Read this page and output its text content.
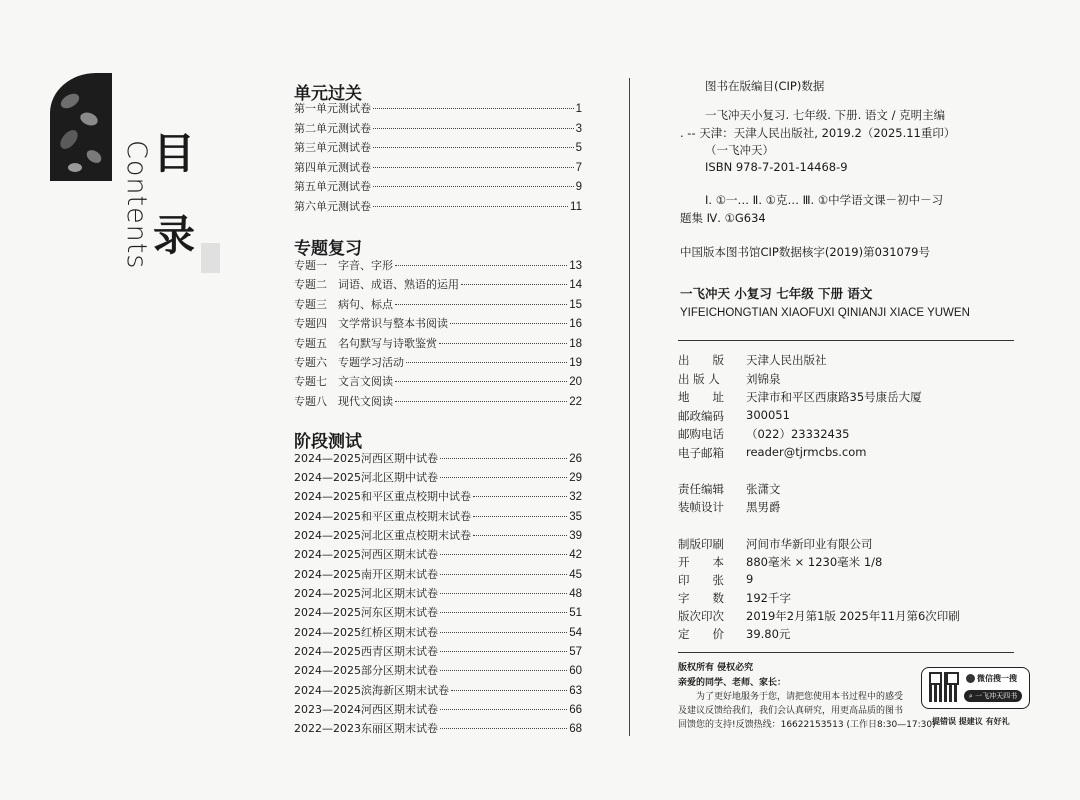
Contents 目
录
单元过关
第一单元测试卷	1
第二单元测试卷	3
第三单元测试卷	5
第四单元测试卷	7
第五单元测试卷	9
第六单元测试卷	11
专题复习
专题一　字音、字形	13
专题二　词语、成语、熟语的运用	14
专题三　病句、标点	15
专题四　文学常识与整本书阅读	16
专题五　名句默写与诗歌鉴赏	18
专题六　专题学习活动	19
专题七　文言文阅读	20
专题八　现代文阅读	22
阶段测试
2024—2025河西区期中试卷	26
2024—2025河北区期中试卷	29
2024—2025和平区重点校期中试卷	32
2024—2025和平区重点校期末试卷	35
2024—2025河北区重点校期末试卷	39
2024—2025河西区期末试卷	42
2024—2025南开区期末试卷	45
2024—2025河北区期末试卷	48
2024—2025河东区期末试卷	51
2024—2025红桥区期末试卷	54
2024—2025西青区期末试卷	57
2024—2025部分区期末试卷	60
2024—2025滨海新区期末试卷	63
2023—2024河西区期末试卷	66
2022—2023东丽区期末试卷	68
图书在版编目(CIP)数据
一飞冲天小复习. 七年级. 下册. 语文 / 克明主编
. -- 天津：天津人民出版社, 2019.2（2025.11重印）
（一飞冲天）
ISBN 978-7-201-14468-9
Ⅰ. ①一… Ⅱ. ①克… Ⅲ. ①中学语文课－初中－习
题集 Ⅳ. ①G634
中国版本图书馆CIP数据核字(2019)第031079号
一飞冲天 小复习 七年级 下册 语文
YIFEICHONGTIAN XIAOFUXI QINIANJI XIACE YUWEN
出　　版	天津人民出版社
出 版 人	刘锦泉
地　　址	天津市和平区西康路35号康岳大厦
邮政编码	300051
邮购电话	（022）23332435
电子邮箱	reader@tjrmcbs.com
责任编辑	张潇文
装帧设计	黑男爵
制版印刷	河间市华新印业有限公司
开　　本	880毫米 × 1230毫米 1/8
印　　张	9
字　　数	192千字
版次印次	2019年2月第1版 2025年11月第6次印刷
定　　价	39.80元
版权所有 侵权必究
亲爱的同学、老师、家长：
　　为了更好地服务于您，请把您使用本书过程中的感受
及建议反馈给我们，我们会认真研究，用更高品质的图书
回馈您的支持!反馈热线：16622153513 (工作日8:30—17:30)
微信搜一搜
⌕ 一飞冲天四书
提错误 提建议 有好礼
